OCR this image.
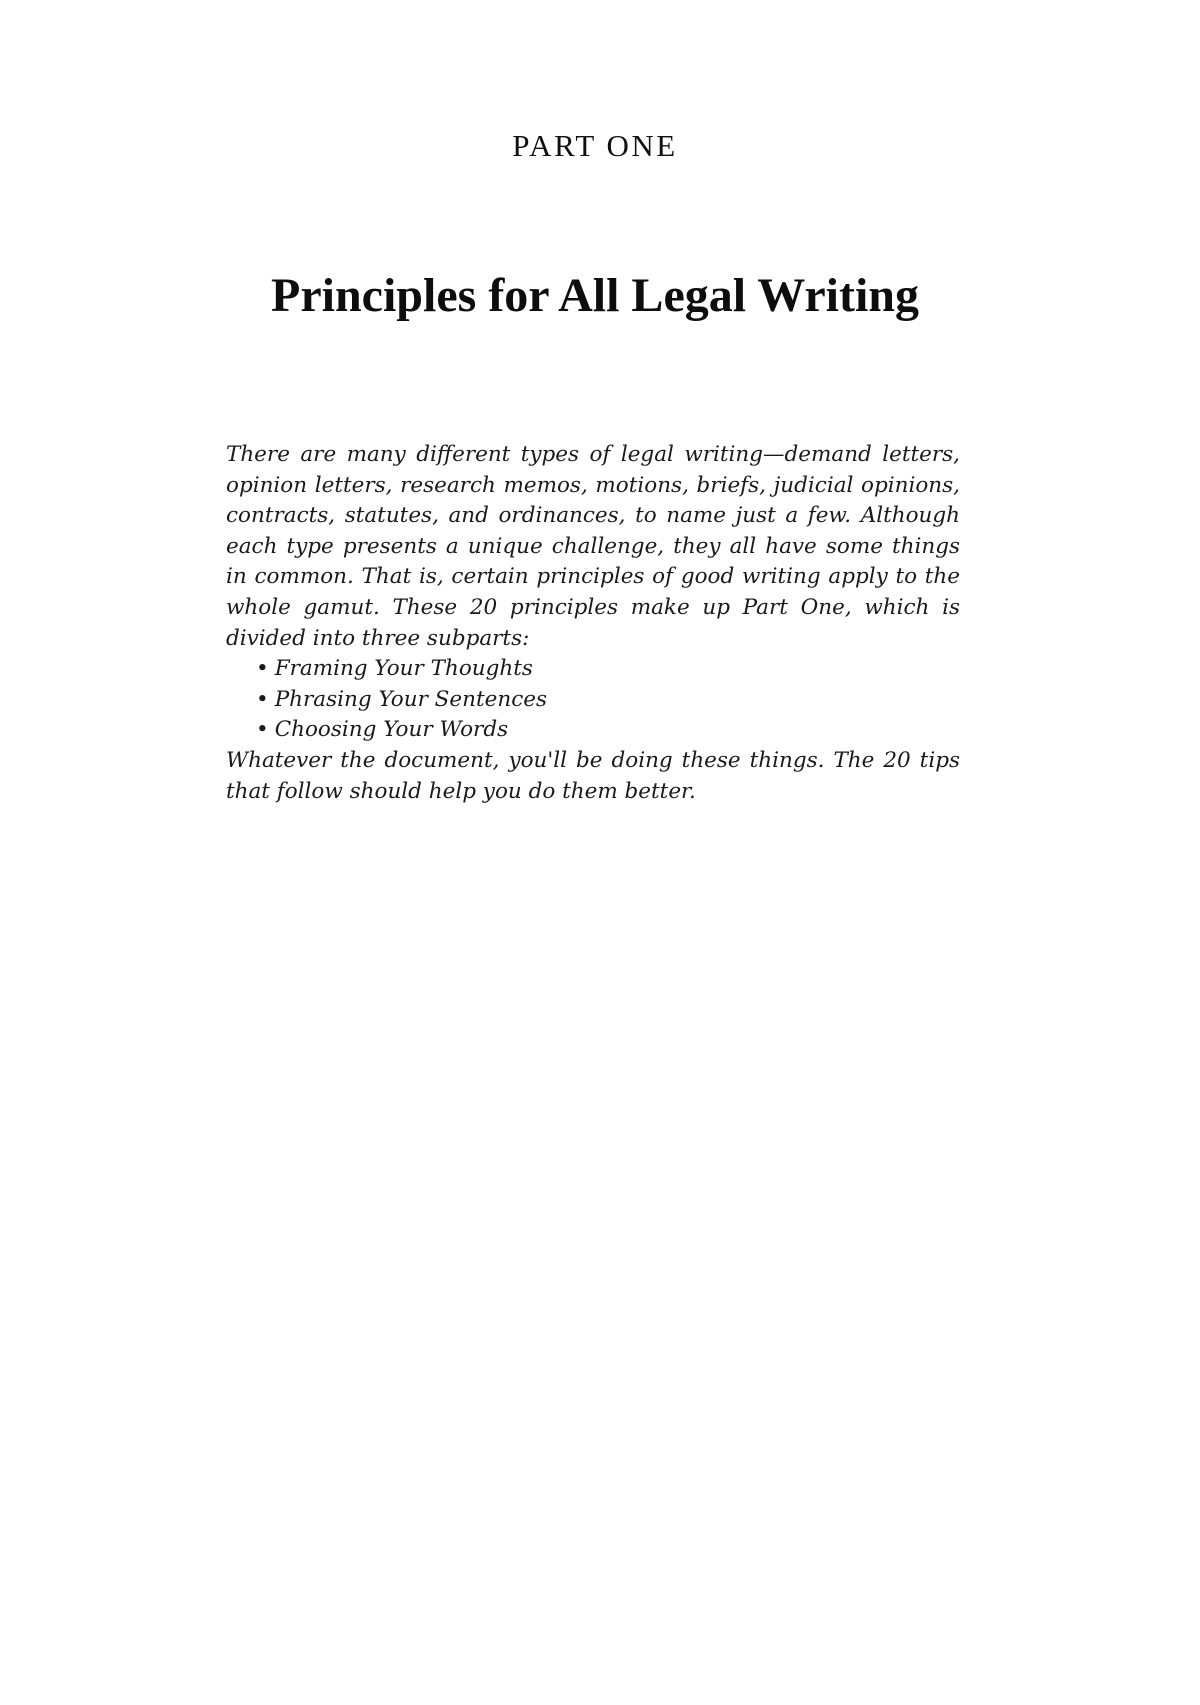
PART ONE
Principles for All Legal Writing

There are many different types of legal writing—demand letters, opinion letters, research memos, motions, briefs, judicial opinions, contracts, statutes, and ordinances, to name just a few. Although each type presents a unique challenge, they all have some things in common. That is, certain principles of good writing apply to the whole gamut. These 20 principles make up Part One, which is divided into three subparts:

• Framing Your Thoughts
• Phrasing Your Sentences
• Choosing Your Words

Whatever the document, you'll be doing these things. The 20 tips that follow should help you do them better.
